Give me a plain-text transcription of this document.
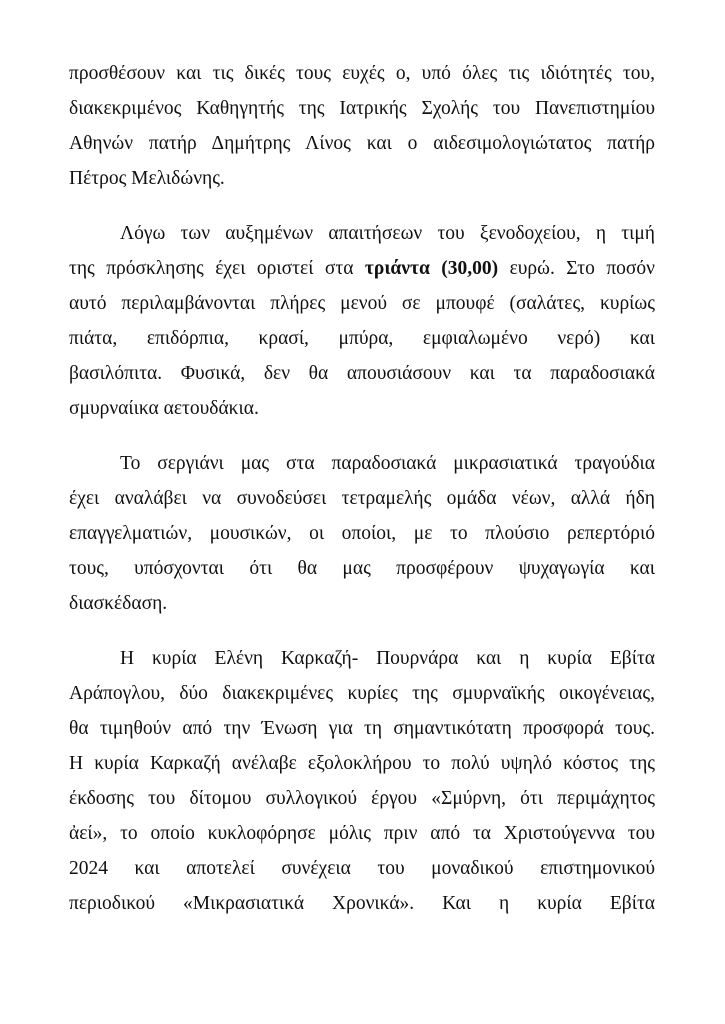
προσθέσουν και τις δικές τους ευχές ο, υπό όλες τις ιδιότητές του,
διακεκριμένος Καθηγητής της Ιατρικής Σχολής του Πανεπιστημίου
Αθηνών πατήρ Δημήτρης Λίνος και ο αιδεσιμολογιώτατος πατήρ
Πέτρος Μελιδώνης.

Λόγω των αυξημένων απαιτήσεων του ξενοδοχείου, η τιμή
της πρόσκλησης έχει οριστεί στα τριάντα (30,00) ευρώ. Στο ποσόν
αυτό περιλαμβάνονται πλήρες μενού σε μπουφέ (σαλάτες, κυρίως
πιάτα, επιδόρπια, κρασί, μπύρα, εμφιαλωμένο νερό) και
βασιλόπιτα. Φυσικά, δεν θα απουσιάσουν και τα παραδοσιακά
σμυρναίικα αετουδάκια.

Το σεργιάνι μας στα παραδοσιακά μικρασιατικά τραγούδια
έχει αναλάβει να συνοδεύσει τετραμελής ομάδα νέων, αλλά ήδη
επαγγελματιών, μουσικών, οι οποίοι, με το πλούσιο ρεπερτόριό
τους, υπόσχονται ότι θα μας προσφέρουν ψυχαγωγία και
διασκέδαση.

Η κυρία Ελένη Καρκαζή- Πουρνάρα και η κυρία Εβίτα
Αράπογλου, δύο διακεκριμένες κυρίες της σμυρναϊκής οικογένειας,
θα τιμηθούν από την Ένωση για τη σημαντικότατη προσφορά τους.
Η κυρία Καρκαζή ανέλαβε εξολοκλήρου το πολύ υψηλό κόστος της
έκδοσης του δίτομου συλλογικού έργου «Σμύρνη, ότι περιμάχητος
ἀεί», το οποίο κυκλοφόρησε μόλις πριν από τα Χριστούγεννα του
2024 και αποτελεί συνέχεια του μοναδικού επιστημονικού
περιοδικού «Μικρασιατικά Χρονικά». Και η κυρία Εβίτα
